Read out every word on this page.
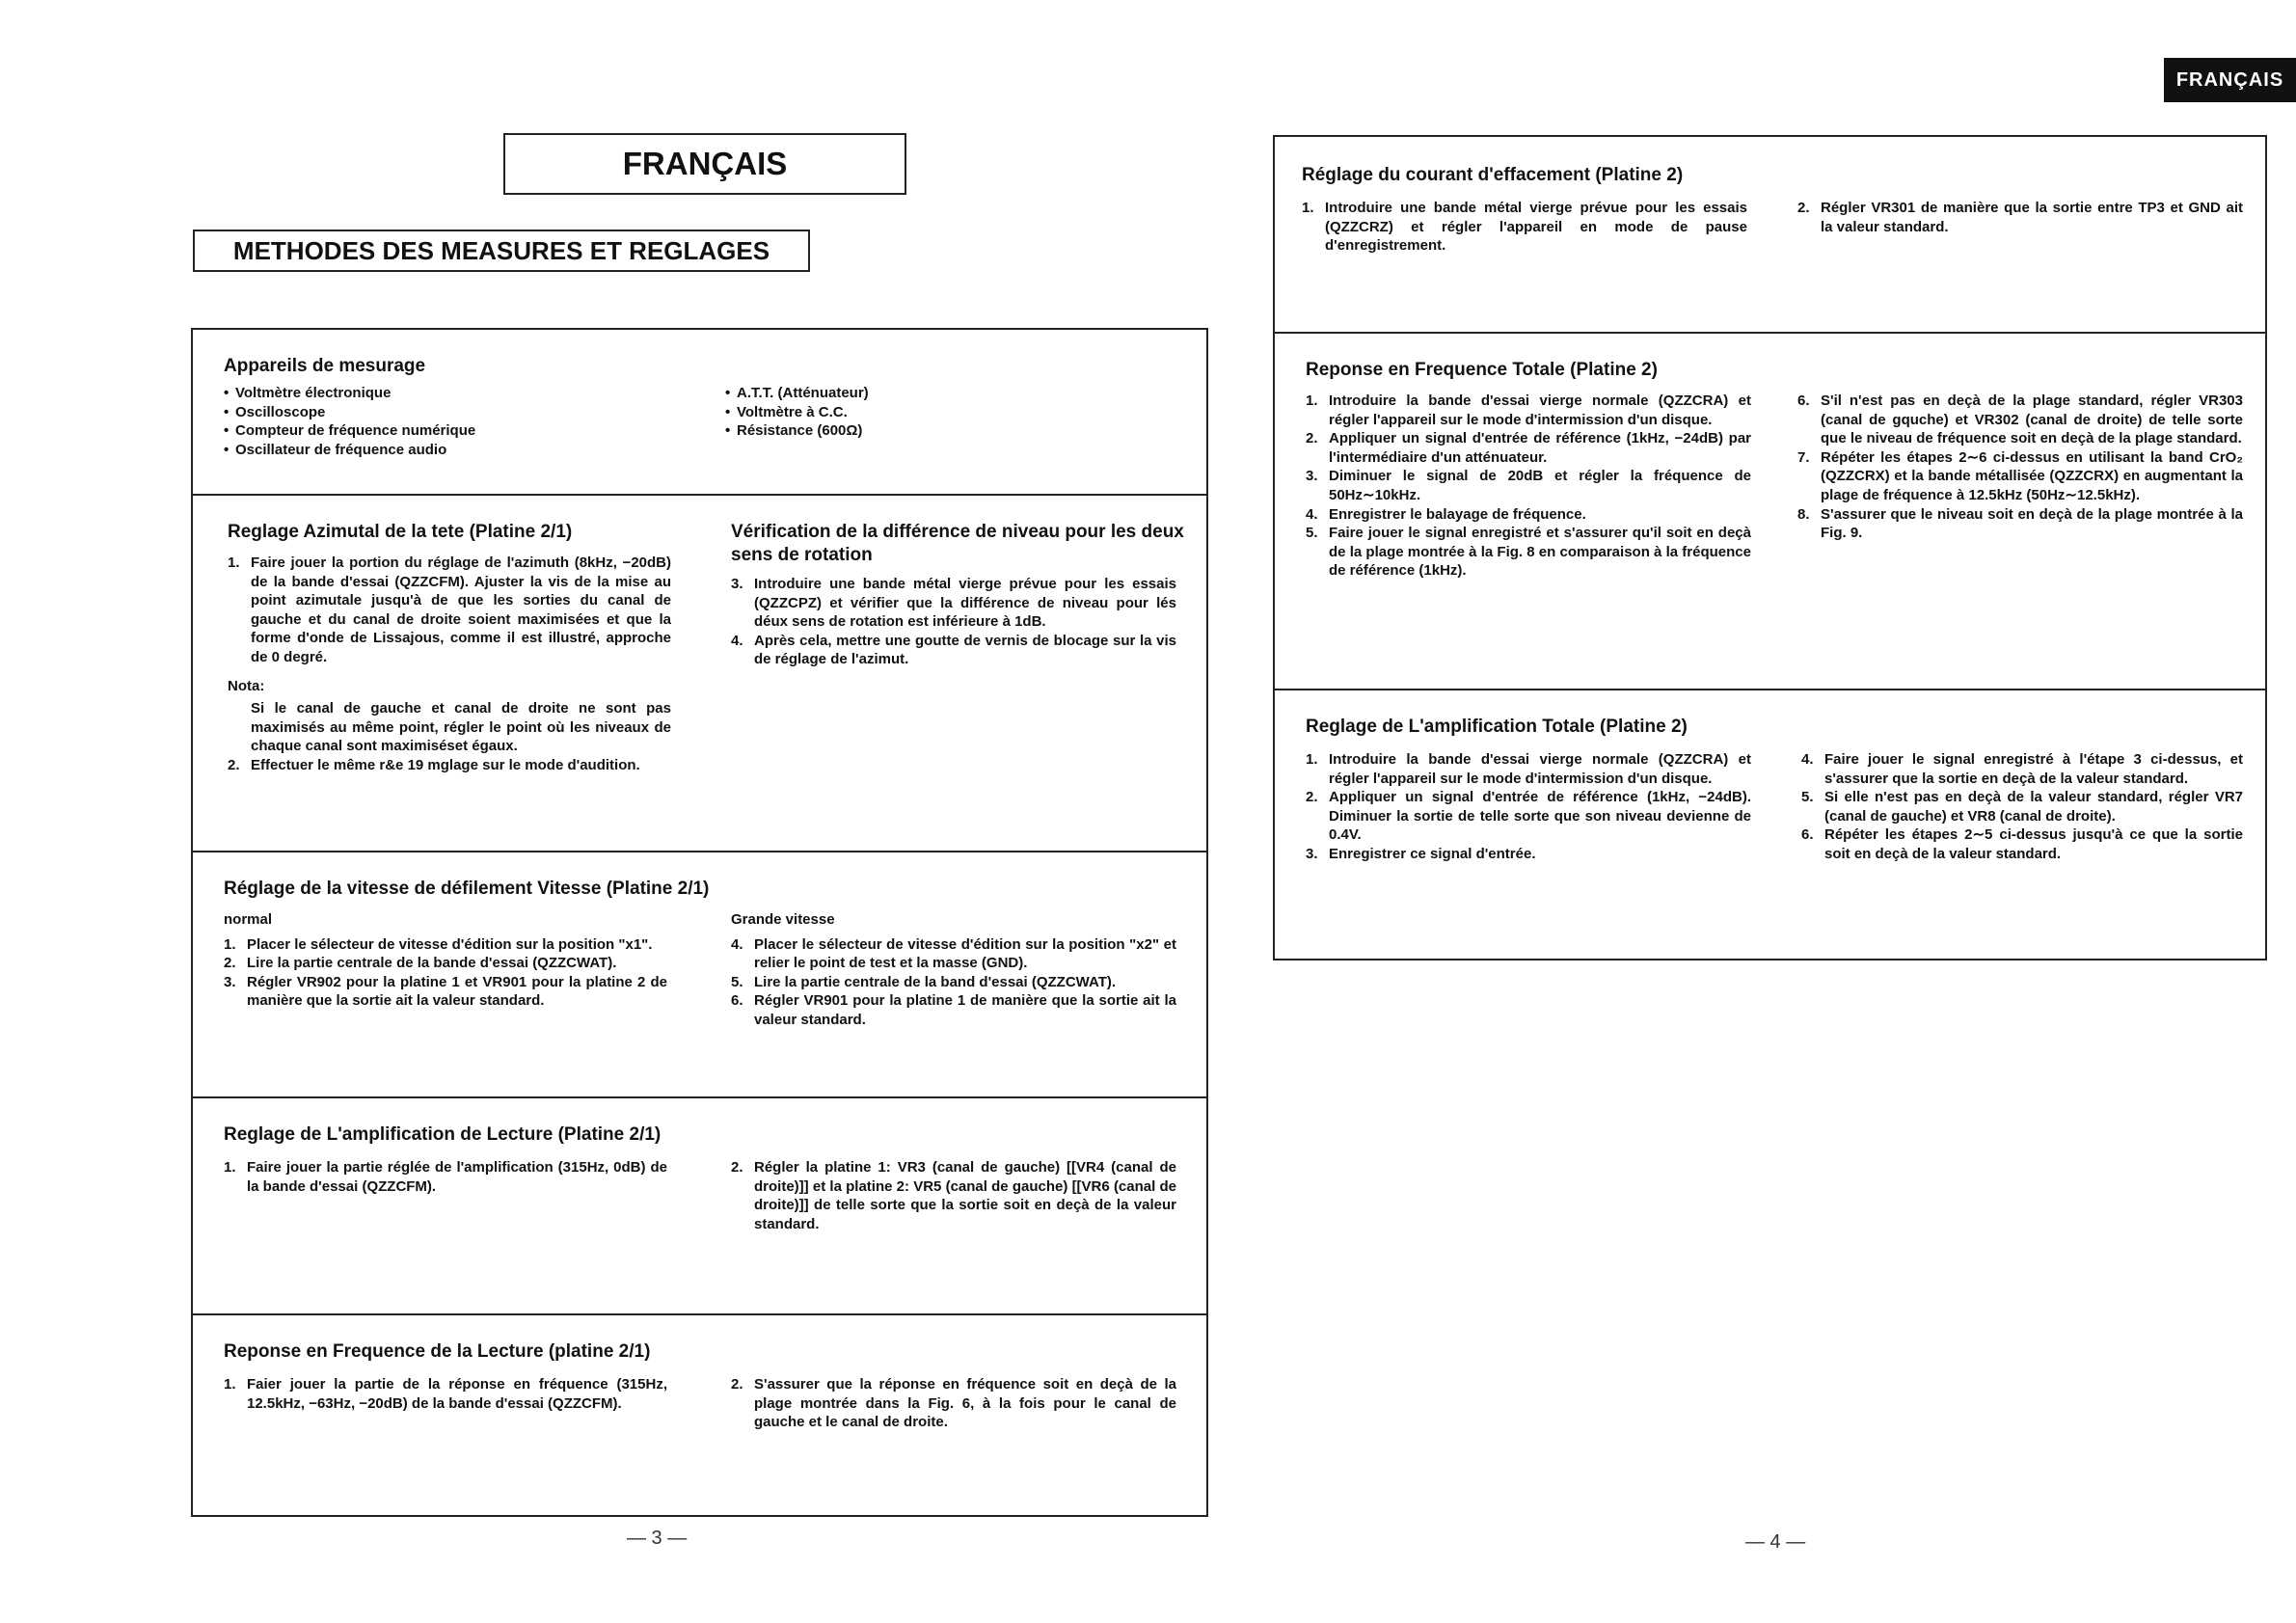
FRANÇAIS
FRANÇAIS
METHODES DES MEASURES ET REGLAGES
Appareils de mesurage
• Voltmètre électronique
• Oscilloscope
• Compteur de fréquence numérique
• Oscillateur de fréquence audio
• A.T.T. (Atténuateur)
• Voltmètre à C.C.
• Résistance (600Ω)
Reglage Azimutal de la tete (Platine 2/1)
1. Faire jouer la portion du réglage de l'azimuth (8kHz, −20dB) de la bande d'essai (QZZCFM). Ajuster la vis de la mise au point azimutale jusqu'à de que les sorties du canal de gauche et du canal de droite soient maximisées et que la forme d'onde de Lissajous, comme il est illustré, approche de 0 degré.
Nota:
Si le canal de gauche et canal de droite ne sont pas maximisés au même point, régler le point où les niveaux de chaque canal sont maximiséset égaux.
2. Effectuer le même r&e 19 mglage sur le mode d'audition.
Vérification de la différence de niveau pour les deux sens de rotation
3. Introduire une bande métal vierge prévue pour les essais (QZZCPZ) et vérifier que la différence de niveau pour lés déux sens de rotation est inférieure à 1dB.
4. Après cela, mettre une goutte de vernis de blocage sur la vis de réglage de l'azimut.
Réglage de la vitesse de défilement Vitesse (Platine 2/1)
normal
1. Placer le sélecteur de vitesse d'édition sur la position "x1".
2. Lire la partie centrale de la bande d'essai (QZZCWAT).
3. Régler VR902 pour la platine 1 et VR901 pour la platine 2 de manière que la sortie ait la valeur standard.
Grande vitesse
4. Placer le sélecteur de vitesse d'édition sur la position "x2" et relier le point de test et la masse (GND).
5. Lire la partie centrale de la band d'essai (QZZCWAT).
6. Régler VR901 pour la platine 1 de manière que la sortie ait la valeur standard.
Reglage de L'amplification de Lecture (Platine 2/1)
1. Faire jouer la partie réglée de l'amplification (315Hz, 0dB) de la bande d'essai (QZZCFM).
2. Régler la platine 1: VR3 (canal de gauche) [[VR4 (canal de droite)]] et la platine 2: VR5 (canal de gauche) [[VR6 (canal de droite)]] de telle sorte que la sortie soit en deçà de la valeur standard.
Reponse en Frequence de la Lecture (platine 2/1)
1. Faier jouer la partie de la réponse en fréquence (315Hz, 12.5kHz, −63Hz, −20dB) de la bande d'essai (QZZCFM).
2. S'assurer que la réponse en fréquence soit en deçà de la plage montrée dans la Fig. 6, à la fois pour le canal de gauche et le canal de droite.
Réglage du courant d'effacement (Platine 2)
1. Introduire une bande métal vierge prévue pour les essais (QZZCRZ) et régler l'appareil en mode de pause d'enregistrement.
2. Régler VR301 de manière que la sortie entre TP3 et GND ait la valeur standard.
Reponse en Frequence Totale (Platine 2)
1. Introduire la bande d'essai vierge normale (QZZCRA) et régler l'appareil sur le mode d'intermission d'un disque.
2. Appliquer un signal d'entrée de référence (1kHz, −24dB) par l'intermédiaire d'un atténuateur.
3. Diminuer le signal de 20dB et régler la fréquence de 50Hz∼10kHz.
4. Enregistrer le balayage de fréquence.
5. Faire jouer le signal enregistré et s'assurer qu'il soit en deçà de la plage montrée à la Fig. 8 en comparaison à la fréquence de référence (1kHz).
6. S'il n'est pas en deçà de la plage standard, régler VR303 (canal de gquche) et VR302 (canal de droite) de telle sorte que le niveau de fréquence soit en deçà de la plage standard.
7. Répéter les étapes 2∼6 ci-dessus en utilisant la band CrO₂ (QZZCRX) et la bande métallisée (QZZCRX) en augmentant la plage de fréquence à 12.5kHz (50Hz∼12.5kHz).
8. S'assurer que le niveau soit en deçà de la plage montrée à la Fig. 9.
Reglage de L'amplification Totale (Platine 2)
1. Introduire la bande d'essai vierge normale (QZZCRA) et régler l'appareil sur le mode d'intermission d'un disque.
2. Appliquer un signal d'entrée de référence (1kHz, −24dB). Diminuer la sortie de telle sorte que son niveau devienne de 0.4V.
3. Enregistrer ce signal d'entrée.
4. Faire jouer le signal enregistré à l'étape 3 ci-dessus, et s'assurer que la sortie en deçà de la valeur standard.
5. Si elle n'est pas en deçà de la valeur standard, régler VR7 (canal de gauche) et VR8 (canal de droite).
6. Répéter les étapes 2∼5 ci-dessus jusqu'à ce que la sortie soit en deçà de la valeur standard.
— 3 —	— 4 —
